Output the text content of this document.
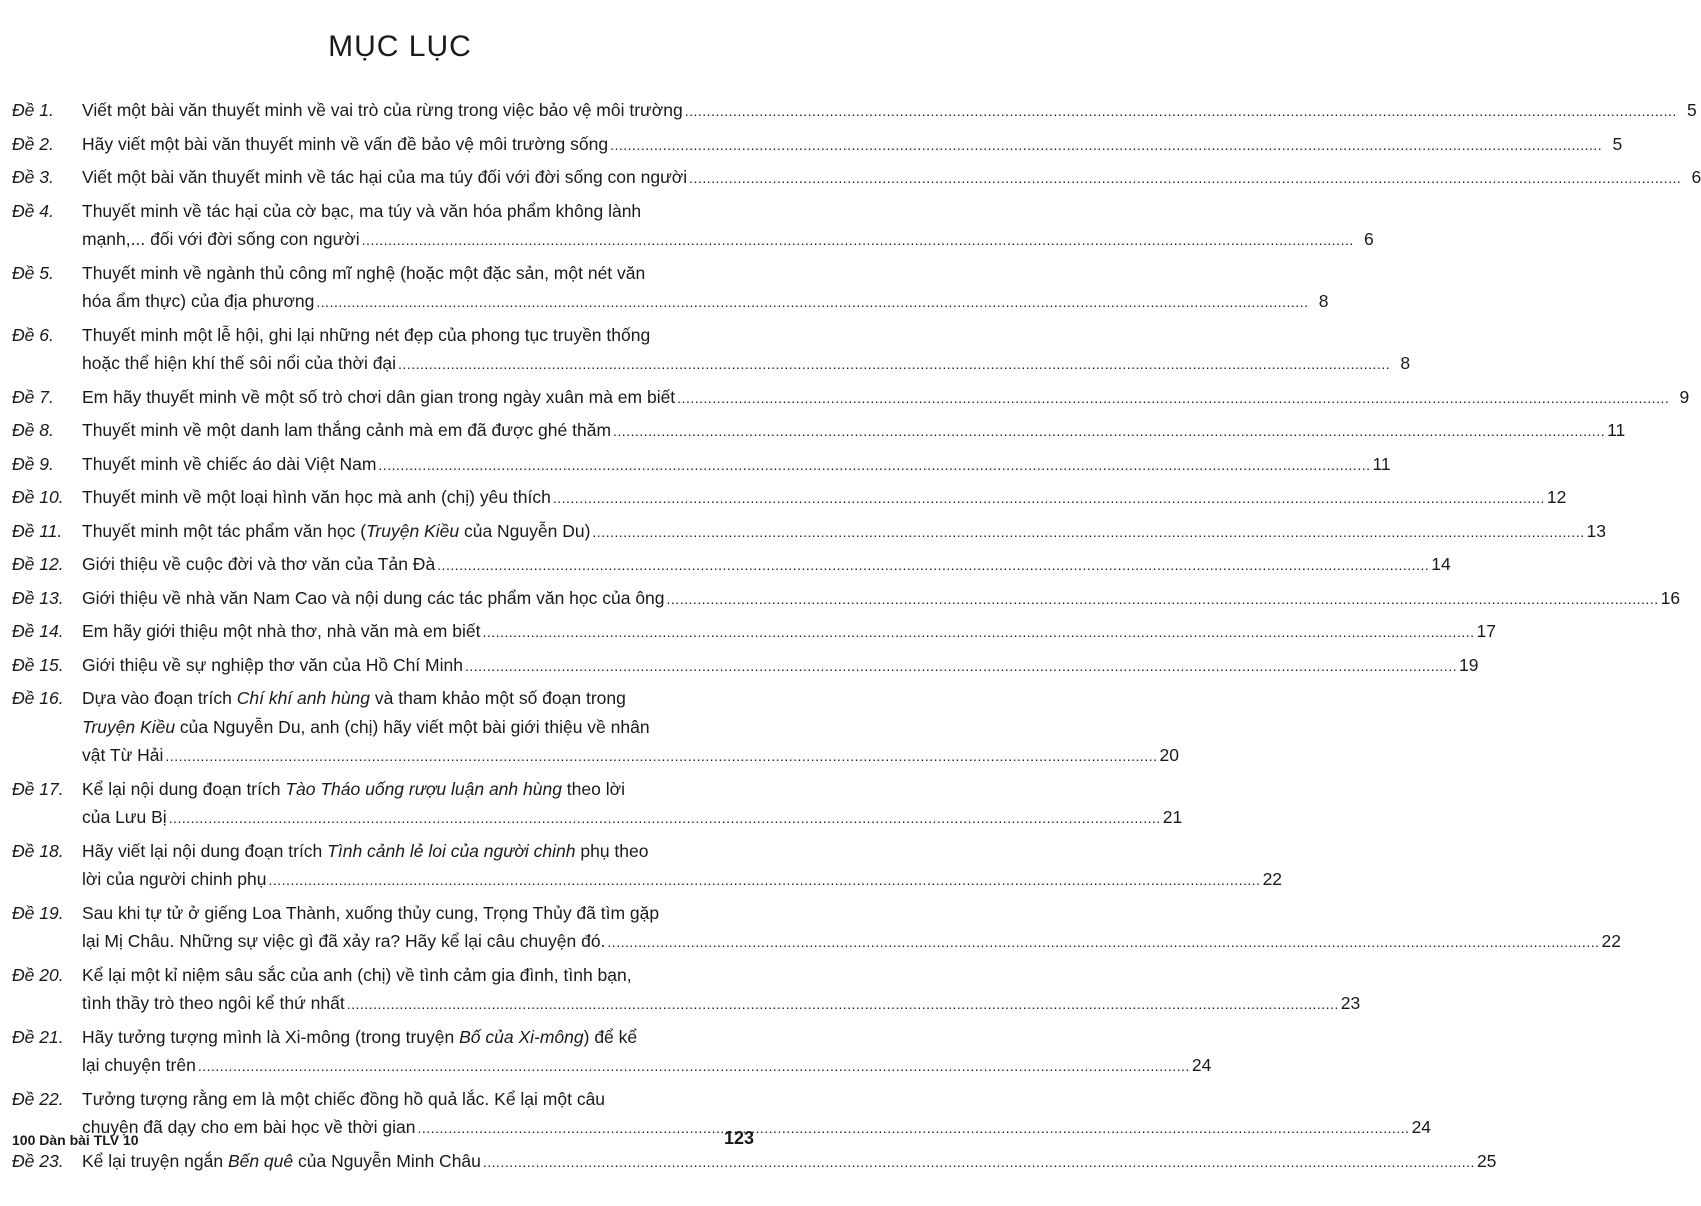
MỤC LỤC
Đề 1.	Viết một bài văn thuyết minh về vai trò của rừng trong việc bảo vệ môi trường .....	5
Đề 2.	Hãy viết một bài văn thuyết minh về vấn đề bảo vệ môi trường sống .....	5
Đề 3.	Viết một bài văn thuyết minh về tác hại của ma túy đối với đời sống con người .....	6
Đề 4.	Thuyết minh về tác hại của cờ bạc, ma túy và văn hóa phẩm không lành
mạnh,... đối với đời sống con người .....	6
Đề 5.	Thuyết minh về ngành thủ công mĩ nghệ (hoặc một đặc sản, một nét văn
hóa ẩm thực) của địa phương .....	8
Đề 6.	Thuyết minh một lễ hội, ghi lại những nét đẹp của phong tục truyền thống
hoặc thể hiện khí thế sôi nổi của thời đại .....	8
Đề 7.	Em hãy thuyết minh về một số trò chơi dân gian trong ngày xuân mà em biết .....	9
Đề 8.	Thuyết minh về một danh lam thắng cảnh mà em đã được ghé thăm .....	11
Đề 9.	Thuyết minh về chiếc áo dài Việt Nam .....	11
Đề 10.	Thuyết minh về một loại hình văn học mà anh (chị) yêu thích .....	12
Đề 11.	Thuyết minh một tác phẩm văn học (Truyện Kiều của Nguyễn Du) .....	13
Đề 12.	Giới thiệu về cuộc đời và thơ văn của Tản Đà .....	14
Đề 13.	Giới thiệu về nhà văn Nam Cao và nội dung các tác phẩm văn học của ông .....	16
Đề 14.	Em hãy giới thiệu một nhà thơ, nhà văn mà em biết .....	17
Đề 15.	Giới thiệu về sự nghiệp thơ văn của Hồ Chí Minh .....	19
Đề 16.	Dựa vào đoạn trích Chí khí anh hùng và tham khảo một số đoạn trong
Truyện Kiều của Nguyễn Du, anh (chị) hãy viết một bài giới thiệu về nhân
vật Từ Hải .....	20
Đề 17.	Kể lại nội dung đoạn trích Tào Tháo uống rượu luận anh hùng theo lời
của Lưu Bị .....	21
Đề 18.	Hãy viết lại nội dung đoạn trích Tình cảnh lẻ loi của người chinh phụ theo
lời của người chinh phụ .....	22
Đề 19.	Sau khi tự tử ở giếng Loa Thành, xuống thủy cung, Trọng Thủy đã tìm gặp
lại Mị Châu. Những sự việc gì đã xảy ra? Hãy kể lại câu chuyện đó. .....	22
Đề 20.	Kể lại một kỉ niệm sâu sắc của anh (chị) về tình cảm gia đình, tình bạn,
tình thầy trò theo ngôi kể thứ nhất .....	23
Đề 21.	Hãy tưởng tượng mình là Xi-mông (trong truyện Bố của Xi-mông) để kể
lại chuyện trên .....	24
Đề 22.	Tưởng tượng rằng em là một chiếc đồng hồ quả lắc. Kể lại một câu
chuyện đã dạy cho em bài học về thời gian .....	24
Đề 23.	Kể lại truyện ngắn Bến quê của Nguyễn Minh Châu .....	25
100 Dàn bài TLV 10	123
